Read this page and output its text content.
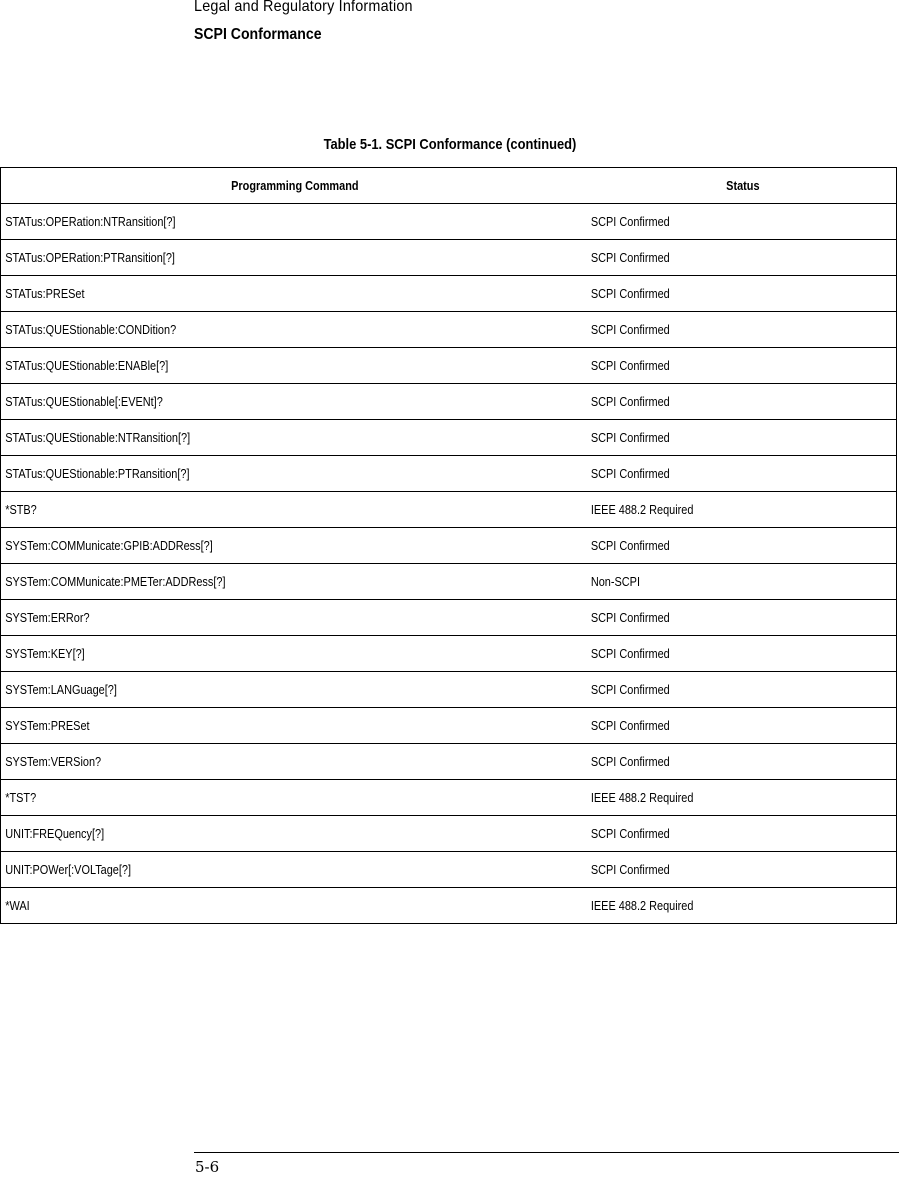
Legal and Regulatory Information
SCPI Conformance
Table 5-1. SCPI Conformance (continued)
Programming Command	Status
STATus:OPERation:NTRansition[?]	SCPI Confirmed
STATus:OPERation:PTRansition[?]	SCPI Confirmed
STATus:PRESet	SCPI Confirmed
STATus:QUEStionable:CONDition?	SCPI Confirmed
STATus:QUEStionable:ENABle[?]	SCPI Confirmed
STATus:QUEStionable[:EVENt]?	SCPI Confirmed
STATus:QUEStionable:NTRansition[?]	SCPI Confirmed
STATus:QUEStionable:PTRansition[?]	SCPI Confirmed
*STB?	IEEE 488.2 Required
SYSTem:COMMunicate:GPIB:ADDRess[?]	SCPI Confirmed
SYSTem:COMMunicate:PMETer:ADDRess[?]	Non-SCPI
SYSTem:ERRor?	SCPI Confirmed
SYSTem:KEY[?]	SCPI Confirmed
SYSTem:LANGuage[?]	SCPI Confirmed
SYSTem:PRESet	SCPI Confirmed
SYSTem:VERSion?	SCPI Confirmed
*TST?	IEEE 488.2 Required
UNIT:FREQuency[?]	SCPI Confirmed
UNIT:POWer[:VOLTage[?]	SCPI Confirmed
*WAI	IEEE 488.2 Required
5-6
